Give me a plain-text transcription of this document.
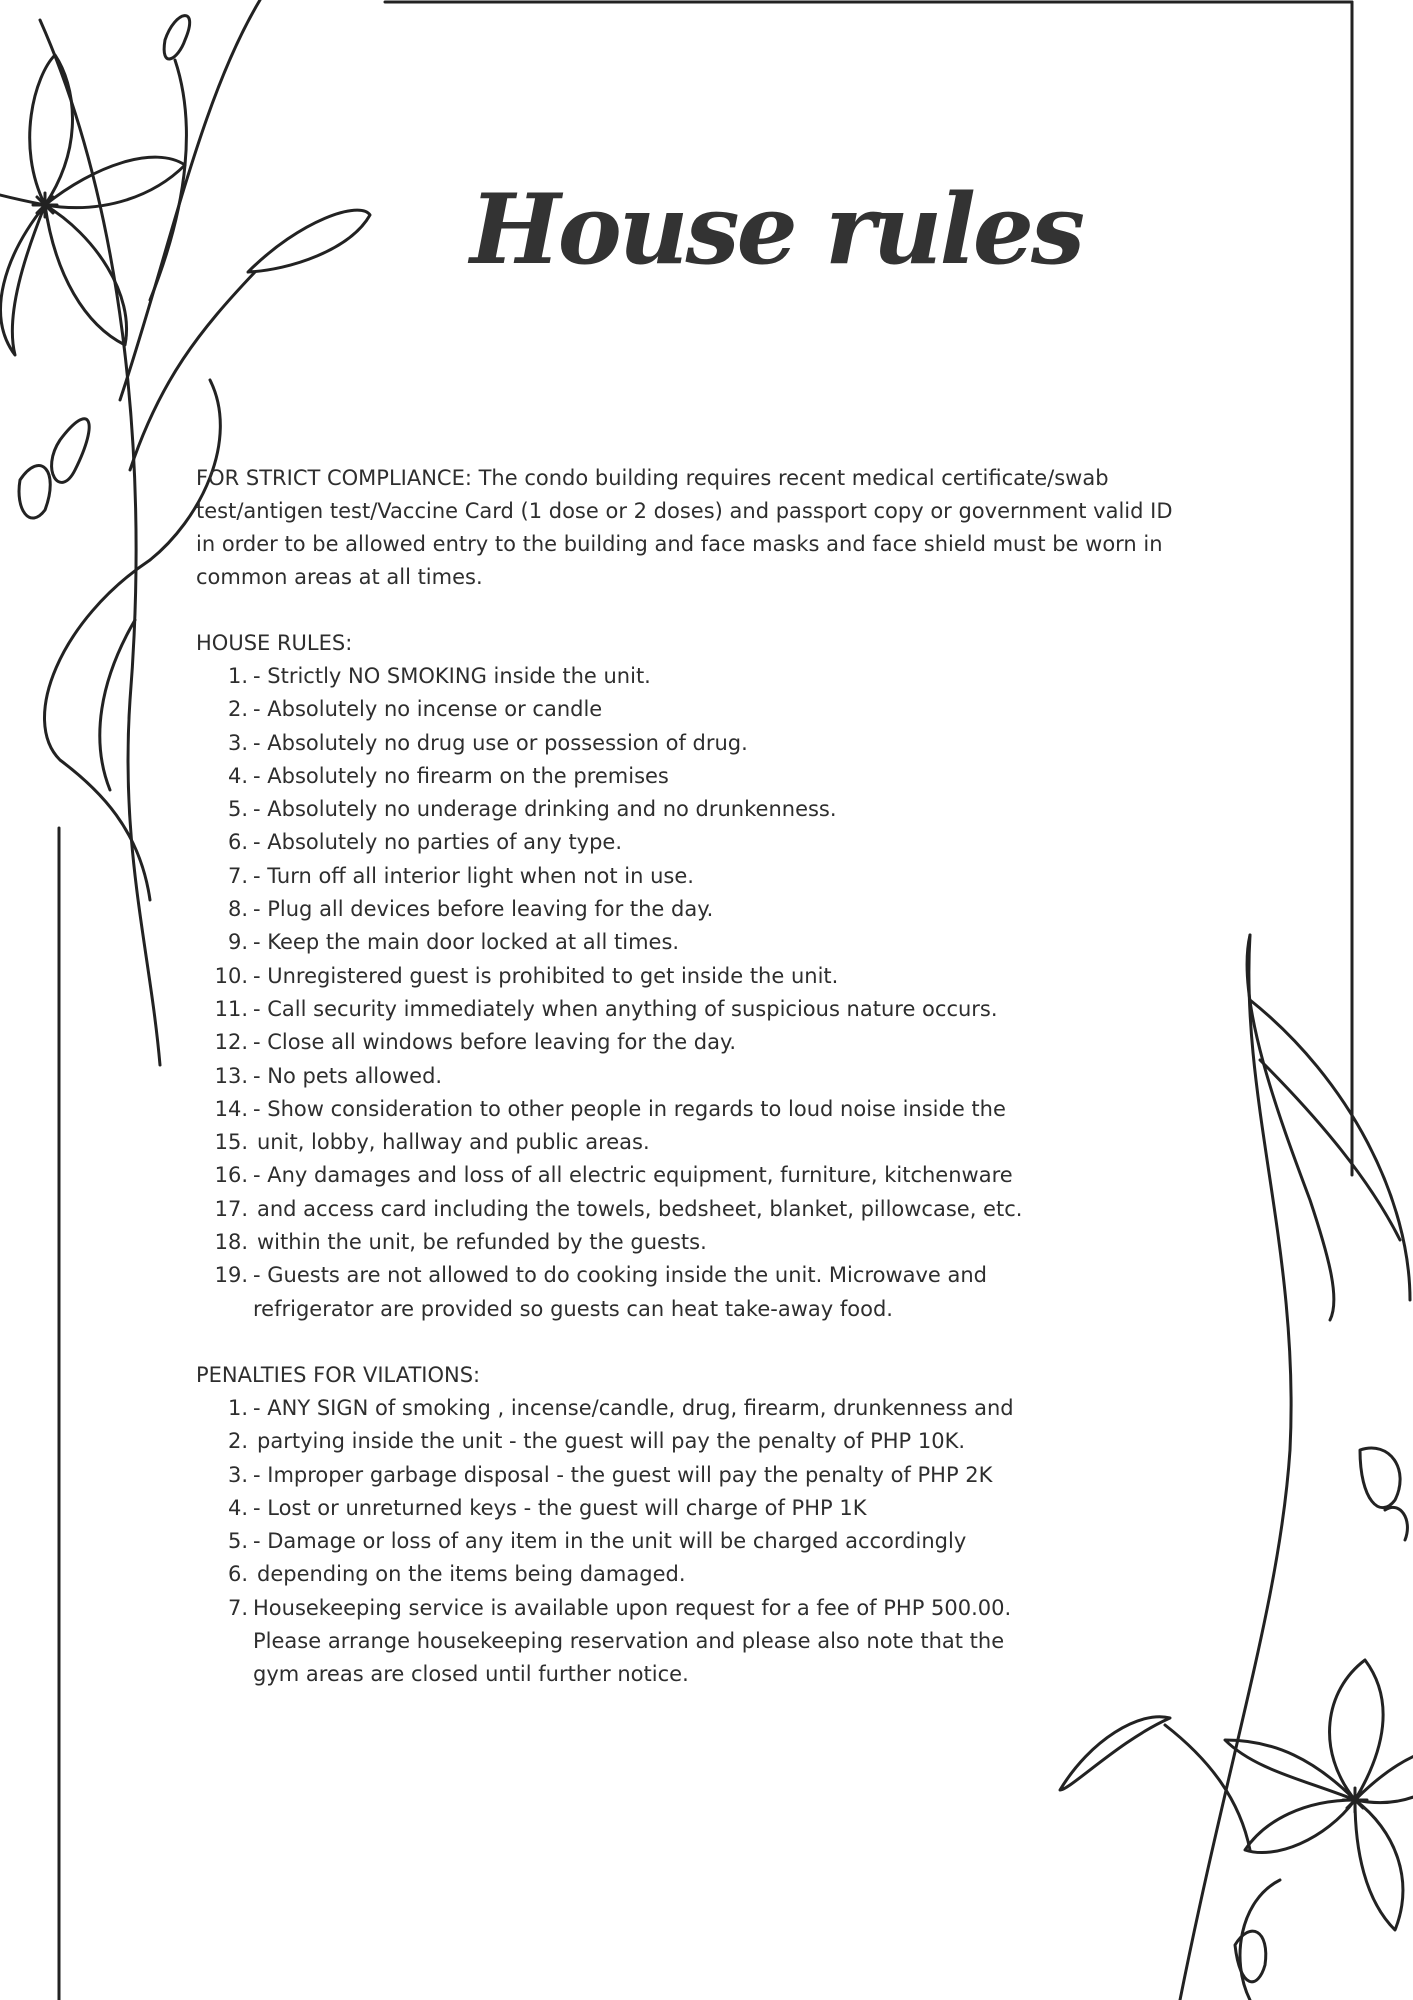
House rules

FOR STRICT COMPLIANCE: The condo building requires recent medical certificate/swab test/antigen test/Vaccine Card (1 dose or 2 doses) and passport copy or government valid ID in order to be allowed entry to the building and face masks and face shield must be worn in common areas at all times.

HOUSE RULES:
1. - Strictly NO SMOKING inside the unit.
2. - Absolutely no incense or candle
3. - Absolutely no drug use or possession of drug.
4. - Absolutely no firearm on the premises
5. - Absolutely no underage drinking and no drunkenness.
6. - Absolutely no parties of any type.
7. - Turn off all interior light when not in use.
8. - Plug all devices before leaving for the day.
9. - Keep the main door locked at all times.
10. - Unregistered guest is prohibited to get inside the unit.
11. - Call security immediately when anything of suspicious nature occurs.
12. - Close all windows before leaving for the day.
13. - No pets allowed.
14. - Show consideration to other people in regards to loud noise inside the
15. unit, lobby, hallway and public areas.
16. - Any damages and loss of all electric equipment, furniture, kitchenware
17. and access card including the towels, bedsheet, blanket, pillowcase, etc.
18. within the unit, be refunded by the guests.
19. - Guests are not allowed to do cooking inside the unit. Microwave and refrigerator are provided so guests can heat take-away food.
PENALTIES FOR VILATIONS:
1. - ANY SIGN of smoking , incense/candle, drug, firearm, drunkenness and
2. partying inside the unit - the guest will pay the penalty of PHP 10K.
3. - Improper garbage disposal - the guest will pay the penalty of PHP 2K
4. - Lost or unreturned keys - the guest will charge of PHP 1K
5. - Damage or loss of any item in the unit will be charged accordingly
6. depending on the items being damaged.
7. Housekeeping service is available upon request for a fee of PHP 500.00. Please arrange housekeeping reservation and please also note that the gym areas are closed until further notice.
